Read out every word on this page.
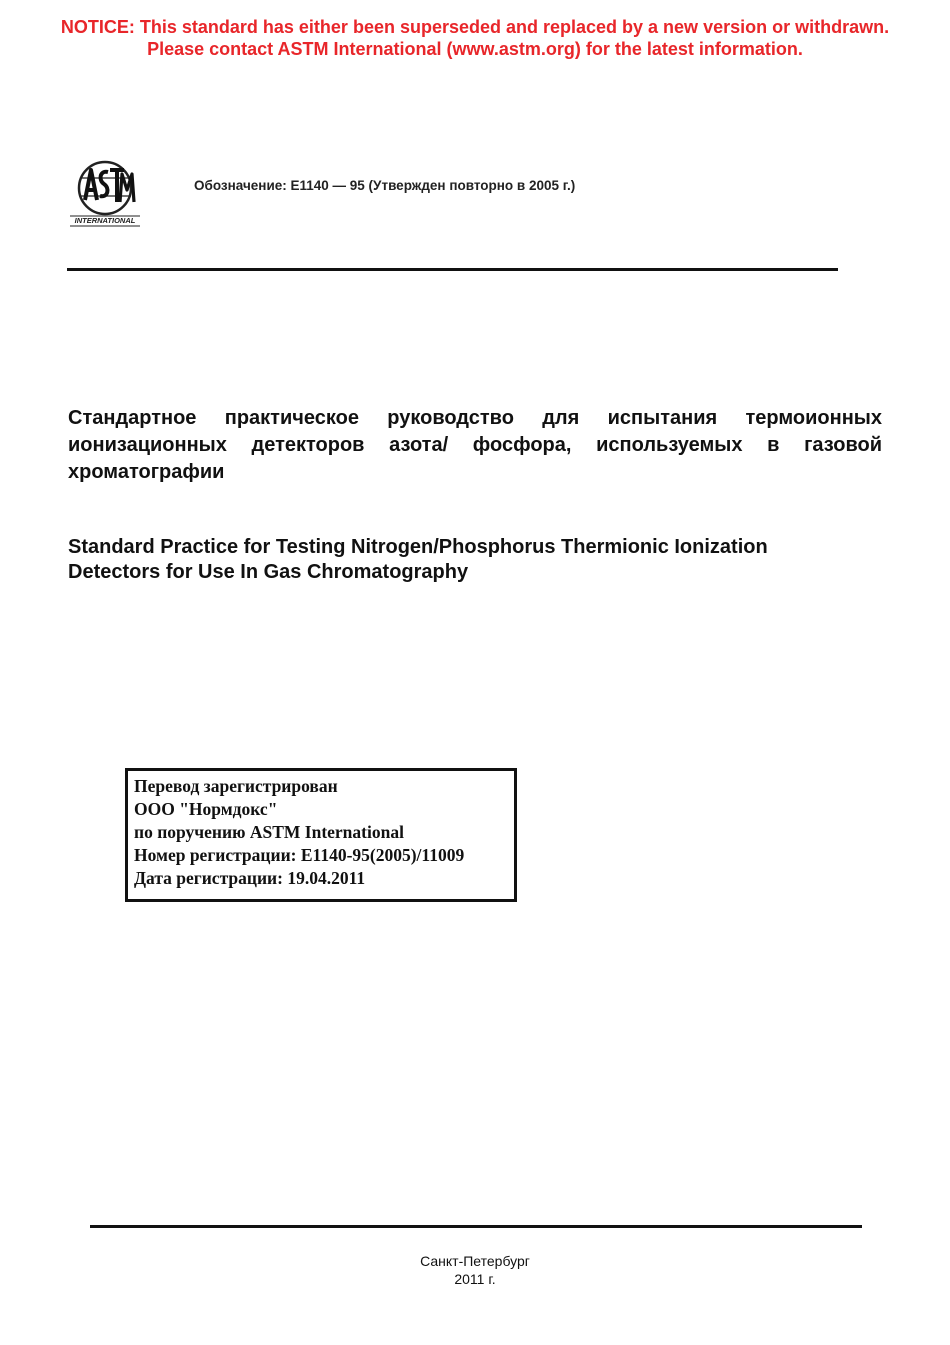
NOTICE: This standard has either been superseded and replaced by a new version or withdrawn.
Please contact ASTM International (www.astm.org) for the latest information.
INTERNATIONAL
Обозначение: E1140 — 95 (Утвержден повторно в 2005 г.)
Стандартное практическое руководство для испытания термоионных
ионизационных детекторов азота/ фосфора, используемых в газовой
хроматографии
Standard Practice for Testing Nitrogen/Phosphorus Thermionic Ionization
Detectors for Use In Gas Chromatography
Перевод зарегистрирован
ООО "Нормдокс"
по поручению ASTM International
Номер регистрации: E1140-95(2005)/11009
Дата регистрации: 19.04.2011
Санкт-Петербург
2011 г.
